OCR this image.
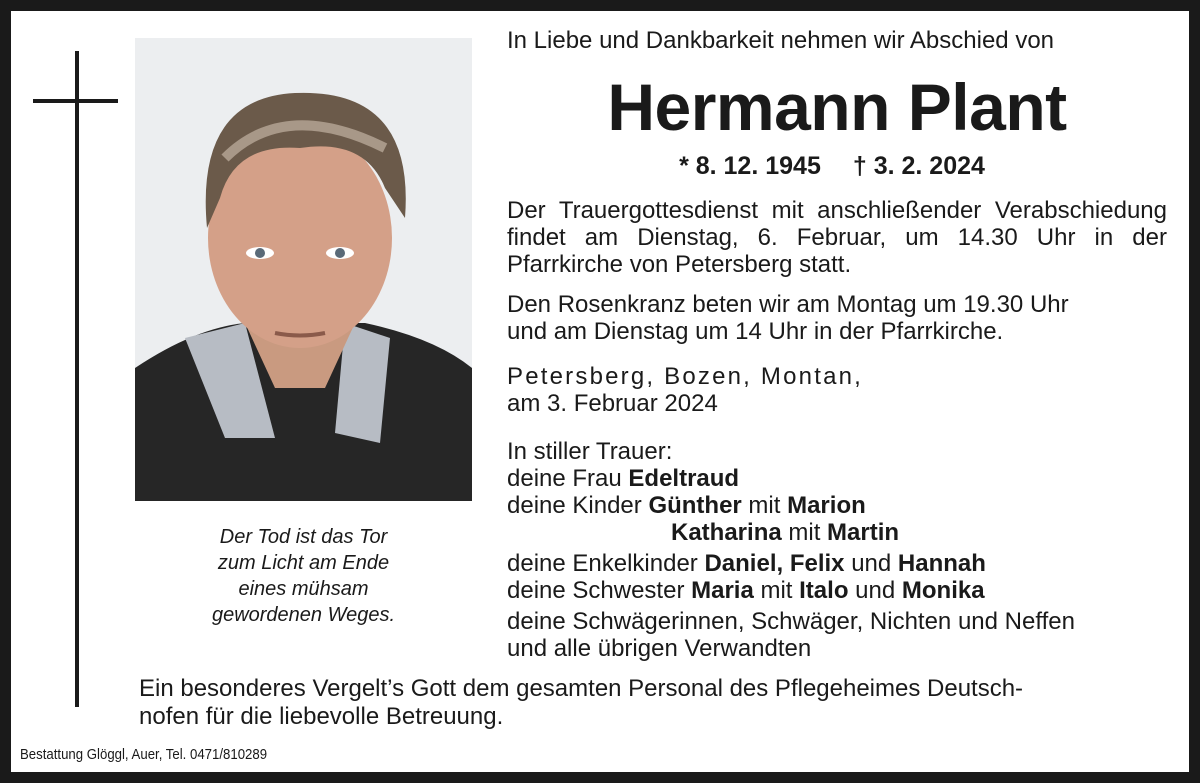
Der Tod ist das Tor
zum Licht am Ende
eines mühsam
gewordenen Weges.
In Liebe und Dankbarkeit nehmen wir Abschied von
Hermann Plant
* 8. 12. 1945 † 3. 2. 2024
Der Trauergottesdienst mit anschließender Verabschiedung findet am Dienstag, 6. Februar, um 14.30 Uhr in der Pfarrkirche von Petersberg statt.
Den Rosenkranz beten wir am Montag um 19.30 Uhr
und am Dienstag um 14 Uhr in der Pfarrkirche.
Petersberg, Bozen, Montan,
am 3. Februar 2024
In stiller Trauer:
deine Frau Edeltraud
deine Kinder Günther mit Marion
Katharina mit Martin
deine Enkelkinder Daniel, Felix und Hannah
deine Schwester Maria mit Italo und Monika
deine Schwägerinnen, Schwäger, Nichten und Neffen
und alle übrigen Verwandten
Ein besonderes Vergelt’s Gott dem gesamten Personal des Pflegeheimes Deutsch-
nofen für die liebevolle Betreuung.
Bestattung Glöggl, Auer, Tel. 0471/810289
